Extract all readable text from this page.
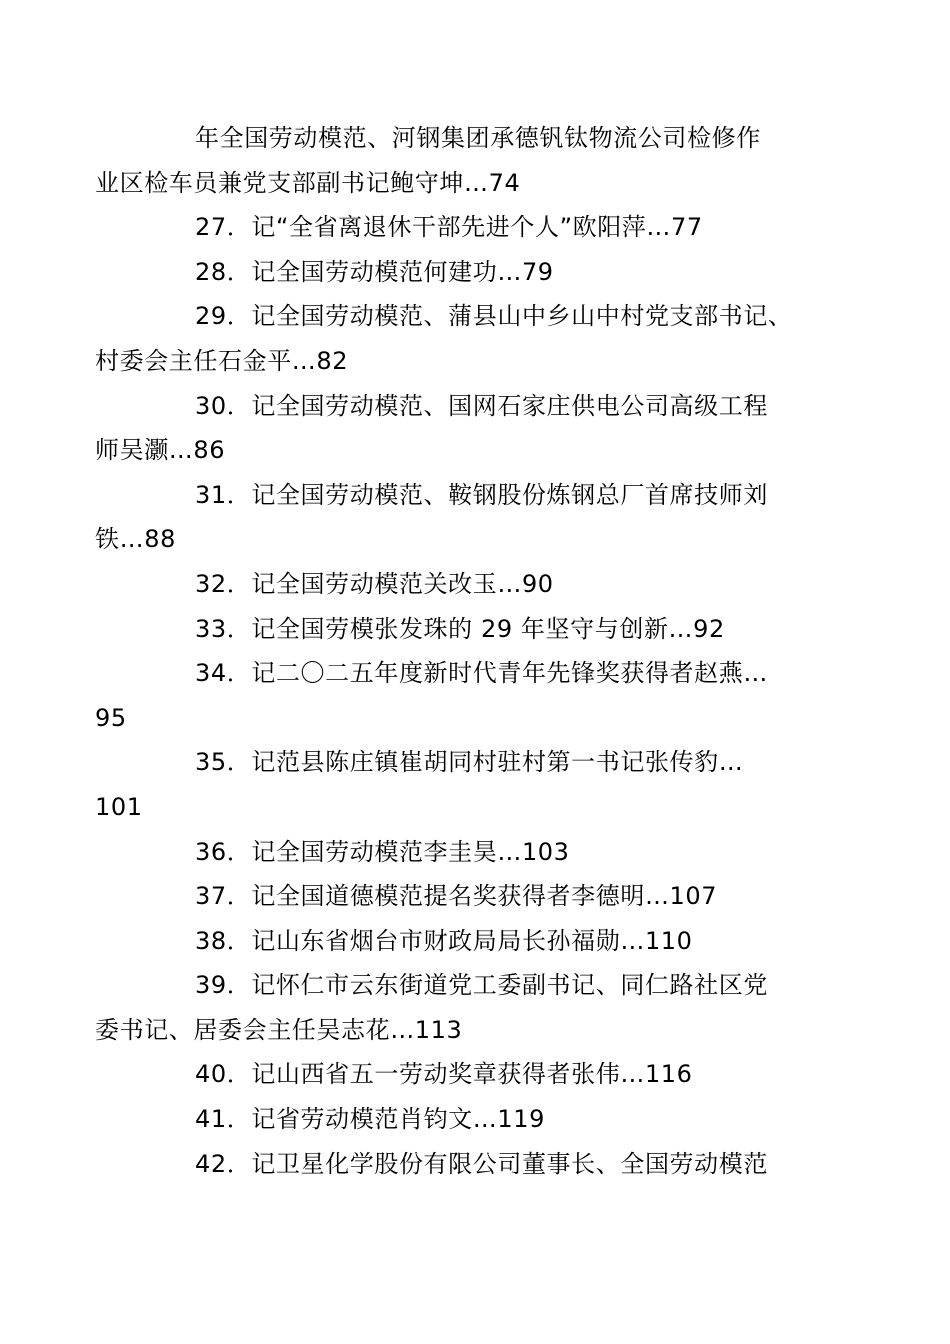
年全国劳动模范、河钢集团承德钒钛物流公司检修作
业区检车员兼党支部副书记鲍守坤…74
27．记“全省离退休干部先进个人”欧阳萍…77
28．记全国劳动模范何建功…79
29．记全国劳动模范、蒲县山中乡山中村党支部书记、
村委会主任石金平…82
30．记全国劳动模范、国网石家庄供电公司高级工程
师吴灏…86
31．记全国劳动模范、鞍钢股份炼钢总厂首席技师刘
铁…88
32．记全国劳动模范关改玉…90
33．记全国劳模张发珠的 29 年坚守与创新…92
34．记二〇二五年度新时代青年先锋奖获得者赵燕…
95
35．记范县陈庄镇崔胡同村驻村第一书记张传豹…
101
36．记全国劳动模范李圭昊…103
37．记全国道德模范提名奖获得者李德明…107
38．记山东省烟台市财政局局长孙福勋…110
39．记怀仁市云东街道党工委副书记、同仁路社区党
委书记、居委会主任吴志花…113
40．记山西省五一劳动奖章获得者张伟…116
41．记省劳动模范肖钧文…119
42．记卫星化学股份有限公司董事长、全国劳动模范
